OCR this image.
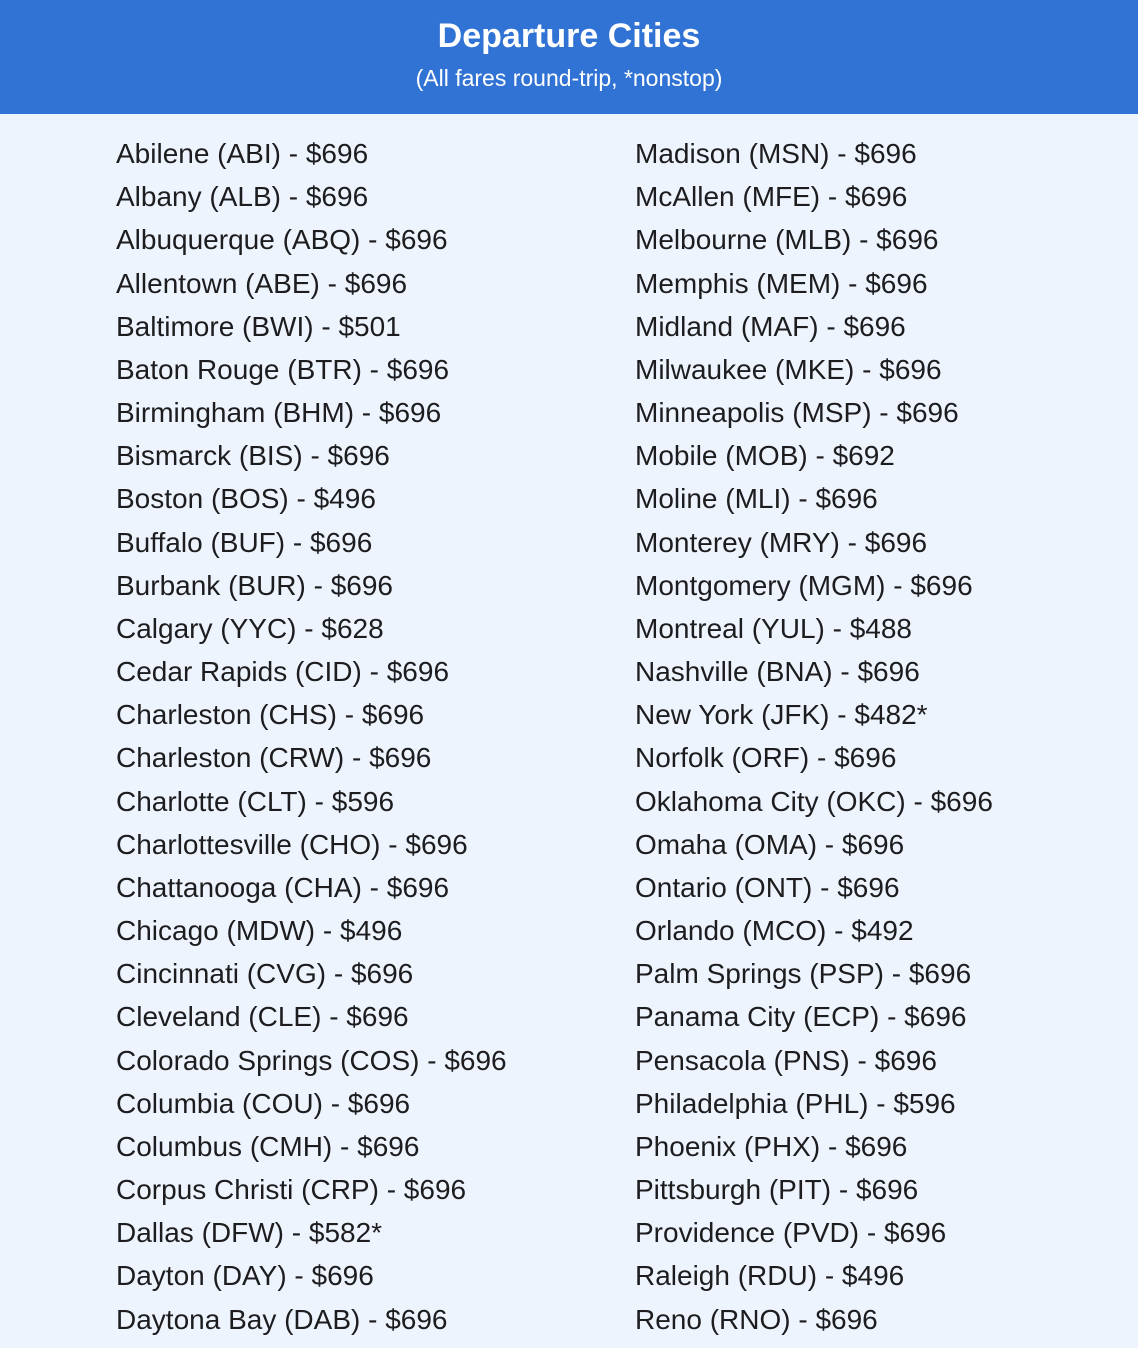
Departure Cities
(All fares round-trip, *nonstop)
Abilene (ABI) - $696
Albany (ALB) - $696
Albuquerque (ABQ) - $696
Allentown (ABE) - $696
Baltimore (BWI) - $501
Baton Rouge (BTR) - $696
Birmingham (BHM) - $696
Bismarck (BIS) - $696
Boston (BOS) - $496
Buffalo (BUF) - $696
Burbank (BUR) - $696
Calgary (YYC) - $628
Cedar Rapids (CID) - $696
Charleston (CHS) - $696
Charleston (CRW) - $696
Charlotte (CLT) - $596
Charlottesville (CHO) - $696
Chattanooga (CHA) - $696
Chicago (MDW) - $496
Cincinnati (CVG) - $696
Cleveland (CLE) - $696
Colorado Springs (COS) - $696
Columbia (COU) - $696
Columbus (CMH) - $696
Corpus Christi (CRP) - $696
Dallas (DFW) - $582*
Dayton (DAY) - $696
Daytona Bay (DAB) - $696
Madison (MSN) - $696
McAllen (MFE) - $696
Melbourne (MLB) - $696
Memphis (MEM) - $696
Midland (MAF) - $696
Milwaukee (MKE) - $696
Minneapolis (MSP) - $696
Mobile (MOB) - $692
Moline (MLI) - $696
Monterey (MRY) - $696
Montgomery (MGM) - $696
Montreal (YUL) - $488
Nashville (BNA) - $696
New York (JFK) - $482*
Norfolk (ORF) - $696
Oklahoma City (OKC) - $696
Omaha (OMA) - $696
Ontario (ONT) - $696
Orlando (MCO) - $492
Palm Springs (PSP) - $696
Panama City (ECP) - $696
Pensacola (PNS) - $696
Philadelphia (PHL) - $596
Phoenix (PHX) - $696
Pittsburgh (PIT) - $696
Providence (PVD) - $696
Raleigh (RDU) - $496
Reno (RNO) - $696
